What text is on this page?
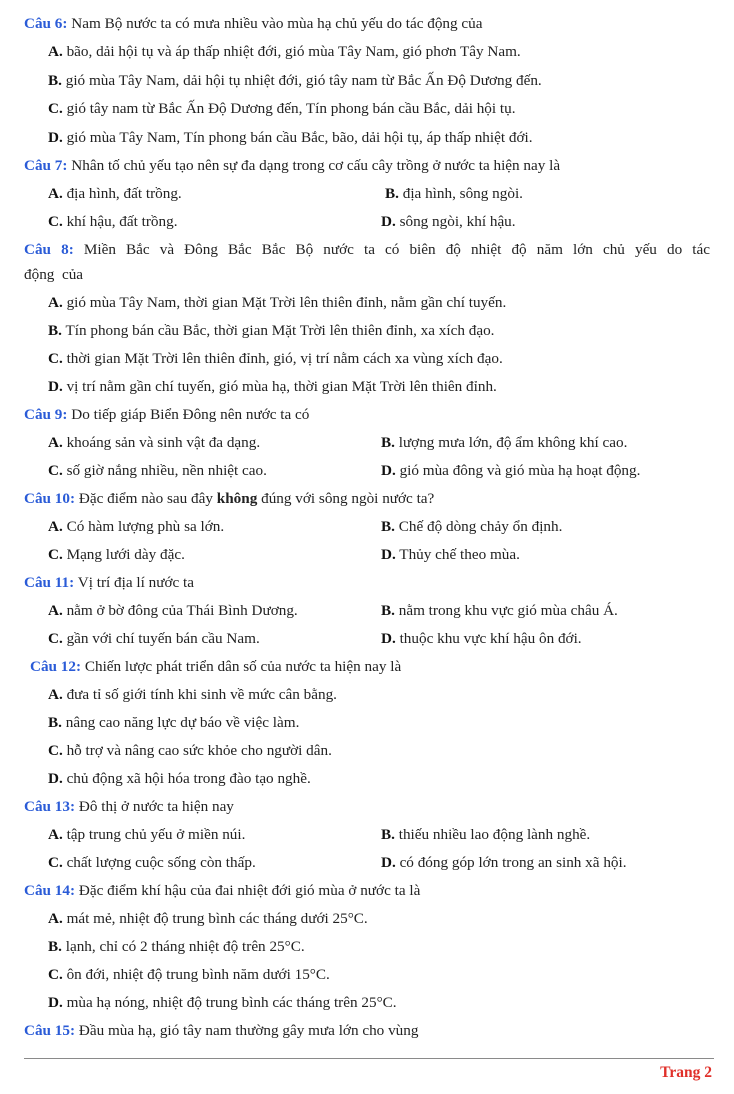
Câu 6: Nam Bộ nước ta có mưa nhiều vào mùa hạ chủ yếu do tác động của
A. bão, dải hội tụ và áp thấp nhiệt đới, gió mùa Tây Nam, gió phơn Tây Nam.
B. gió mùa Tây Nam, dải hội tụ nhiệt đới, gió tây nam từ Bắc Ấn Độ Dương đến.
C. gió tây nam từ Bắc Ấn Độ Dương đến, Tín phong bán cầu Bắc, dải hội tụ.
D. gió mùa Tây Nam, Tín phong bán cầu Bắc, bão, dải hội tụ, áp thấp nhiệt đới.
Câu 7: Nhân tố chủ yếu tạo nên sự đa dạng trong cơ cấu cây trồng ở nước ta hiện nay là
A. địa hình, đất trồng.	B. địa hình, sông ngòi.
C. khí hậu, đất trồng.	D. sông ngòi, khí hậu.
Câu 8: Miền Bắc và Đông Bắc Bắc Bộ nước ta có biên độ nhiệt độ năm lớn chủ yếu do tác
động  của
A. gió mùa Tây Nam, thời gian Mặt Trời lên thiên đỉnh, nằm gần chí tuyến.
B. Tín phong bán cầu Bắc, thời gian Mặt Trời lên thiên đỉnh, xa xích đạo.
C. thời gian Mặt Trời lên thiên đỉnh, gió, vị trí nằm cách xa vùng xích đạo.
D. vị trí nằm gần chí tuyến, gió mùa hạ, thời gian Mặt Trời lên thiên đỉnh.
Câu 9: Do tiếp giáp Biển Đông nên nước ta có
A. khoáng sản và sinh vật đa dạng.	B. lượng mưa lớn, độ ẩm không khí cao.
C. số giờ nắng nhiều, nền nhiệt cao.	D. gió mùa đông và gió mùa hạ hoạt động.
Câu 10: Đặc điểm nào sau đây không đúng với sông ngòi nước ta?
A. Có hàm lượng phù sa lớn.	B. Chế độ dòng chảy ổn định.
C. Mạng lưới dày đặc.	D. Thủy chế theo mùa.
Câu 11: Vị trí địa lí nước ta
A. nằm ở bờ đông của Thái Bình Dương.	B. nằm trong khu vực gió mùa châu Á.
C. gần với chí tuyến bán cầu Nam.	D. thuộc khu vực khí hậu ôn đới.
Câu 12: Chiến lược phát triển dân số của nước ta hiện nay là
A. đưa tỉ số giới tính khi sinh về mức cân bằng.
B. nâng cao năng lực dự báo về việc làm.
C. hỗ trợ và nâng cao sức khỏe cho người dân.
D. chủ động xã hội hóa trong đào tạo nghề.
Câu 13: Đô thị ở nước ta hiện nay
A. tập trung chủ yếu ở miền núi.	B. thiếu nhiều lao động lành nghề.
C. chất lượng cuộc sống còn thấp.	D. có đóng góp lớn trong an sinh xã hội.
Câu 14: Đặc điểm khí hậu của đai nhiệt đới gió mùa ở nước ta là
A. mát mẻ, nhiệt độ trung bình các tháng dưới 25°C.
B. lạnh, chỉ có 2 tháng nhiệt độ trên 25°C.
C. ôn đới, nhiệt độ trung bình năm dưới 15°C.
D. mùa hạ nóng, nhiệt độ trung bình các tháng trên 25°C.
Câu 15: Đầu mùa hạ, gió tây nam thường gây mưa lớn cho vùng
Trang 2
